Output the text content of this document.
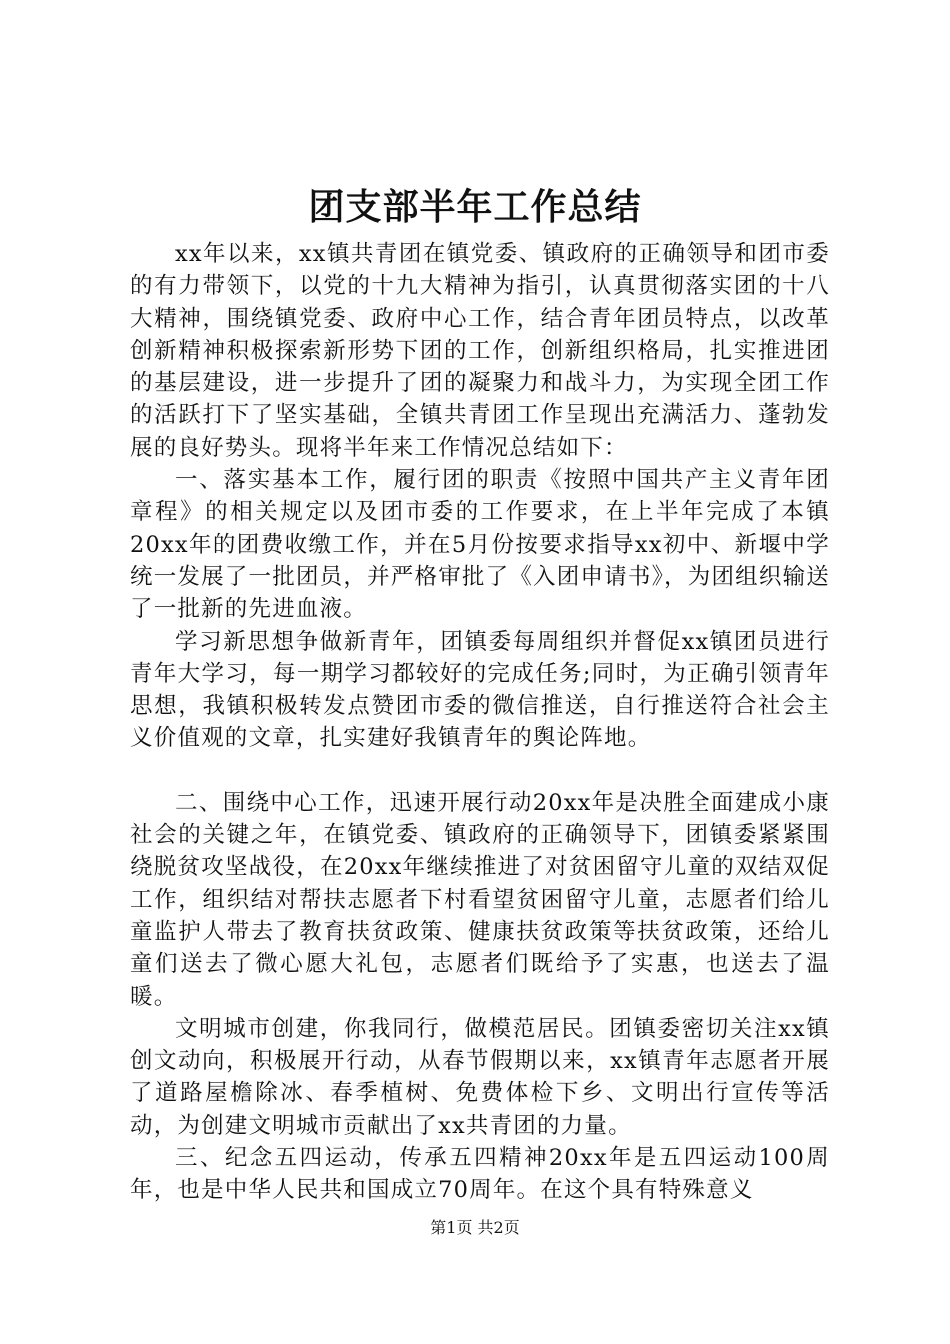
团支部半年工作总结

xx年以来，xx镇共青团在镇党委、镇政府的正确领导和团市委的有力带领下，以党的十九大精神为指引，认真贯彻落实团的十八大精神，围绕镇党委、政府中心工作，结合青年团员特点，以改革创新精神积极探索新形势下团的工作，创新组织格局，扎实推进团的基层建设，进一步提升了团的凝聚力和战斗力，为实现全团工作的活跃打下了坚实基础，全镇共青团工作呈现出充满活力、蓬勃发展的良好势头。现将半年来工作情况总结如下：

一、落实基本工作，履行团的职责《按照中国共产主义青年团章程》的相关规定以及团市委的工作要求，在上半年完成了本镇20xx年的团费收缴工作，并在5月份按要求指导xx初中、新堰中学统一发展了一批团员，并严格审批了《入团申请书》，为团组织输送了一批新的先进血液。

学习新思想争做新青年，团镇委每周组织并督促xx镇团员进行青年大学习，每一期学习都较好的完成任务;同时，为正确引领青年思想，我镇积极转发点赞团市委的微信推送，自行推送符合社会主义价值观的文章，扎实建好我镇青年的舆论阵地。

二、围绕中心工作，迅速开展行动20xx年是决胜全面建成小康社会的关键之年，在镇党委、镇政府的正确领导下，团镇委紧紧围绕脱贫攻坚战役，在20xx年继续推进了对贫困留守儿童的双结双促工作，组织结对帮扶志愿者下村看望贫困留守儿童，志愿者们给儿童监护人带去了教育扶贫政策、健康扶贫政策等扶贫政策，还给儿童们送去了微心愿大礼包，志愿者们既给予了实惠，也送去了温暖。

文明城市创建，你我同行，做模范居民。团镇委密切关注xx镇创文动向，积极展开行动，从春节假期以来，xx镇青年志愿者开展了道路屋檐除冰、春季植树、免费体检下乡、文明出行宣传等活动，为创建文明城市贡献出了xx共青团的力量。

三、纪念五四运动，传承五四精神20xx年是五四运动100周年，也是中华人民共和国成立70周年。在这个具有特殊意义

第1页 共2页
